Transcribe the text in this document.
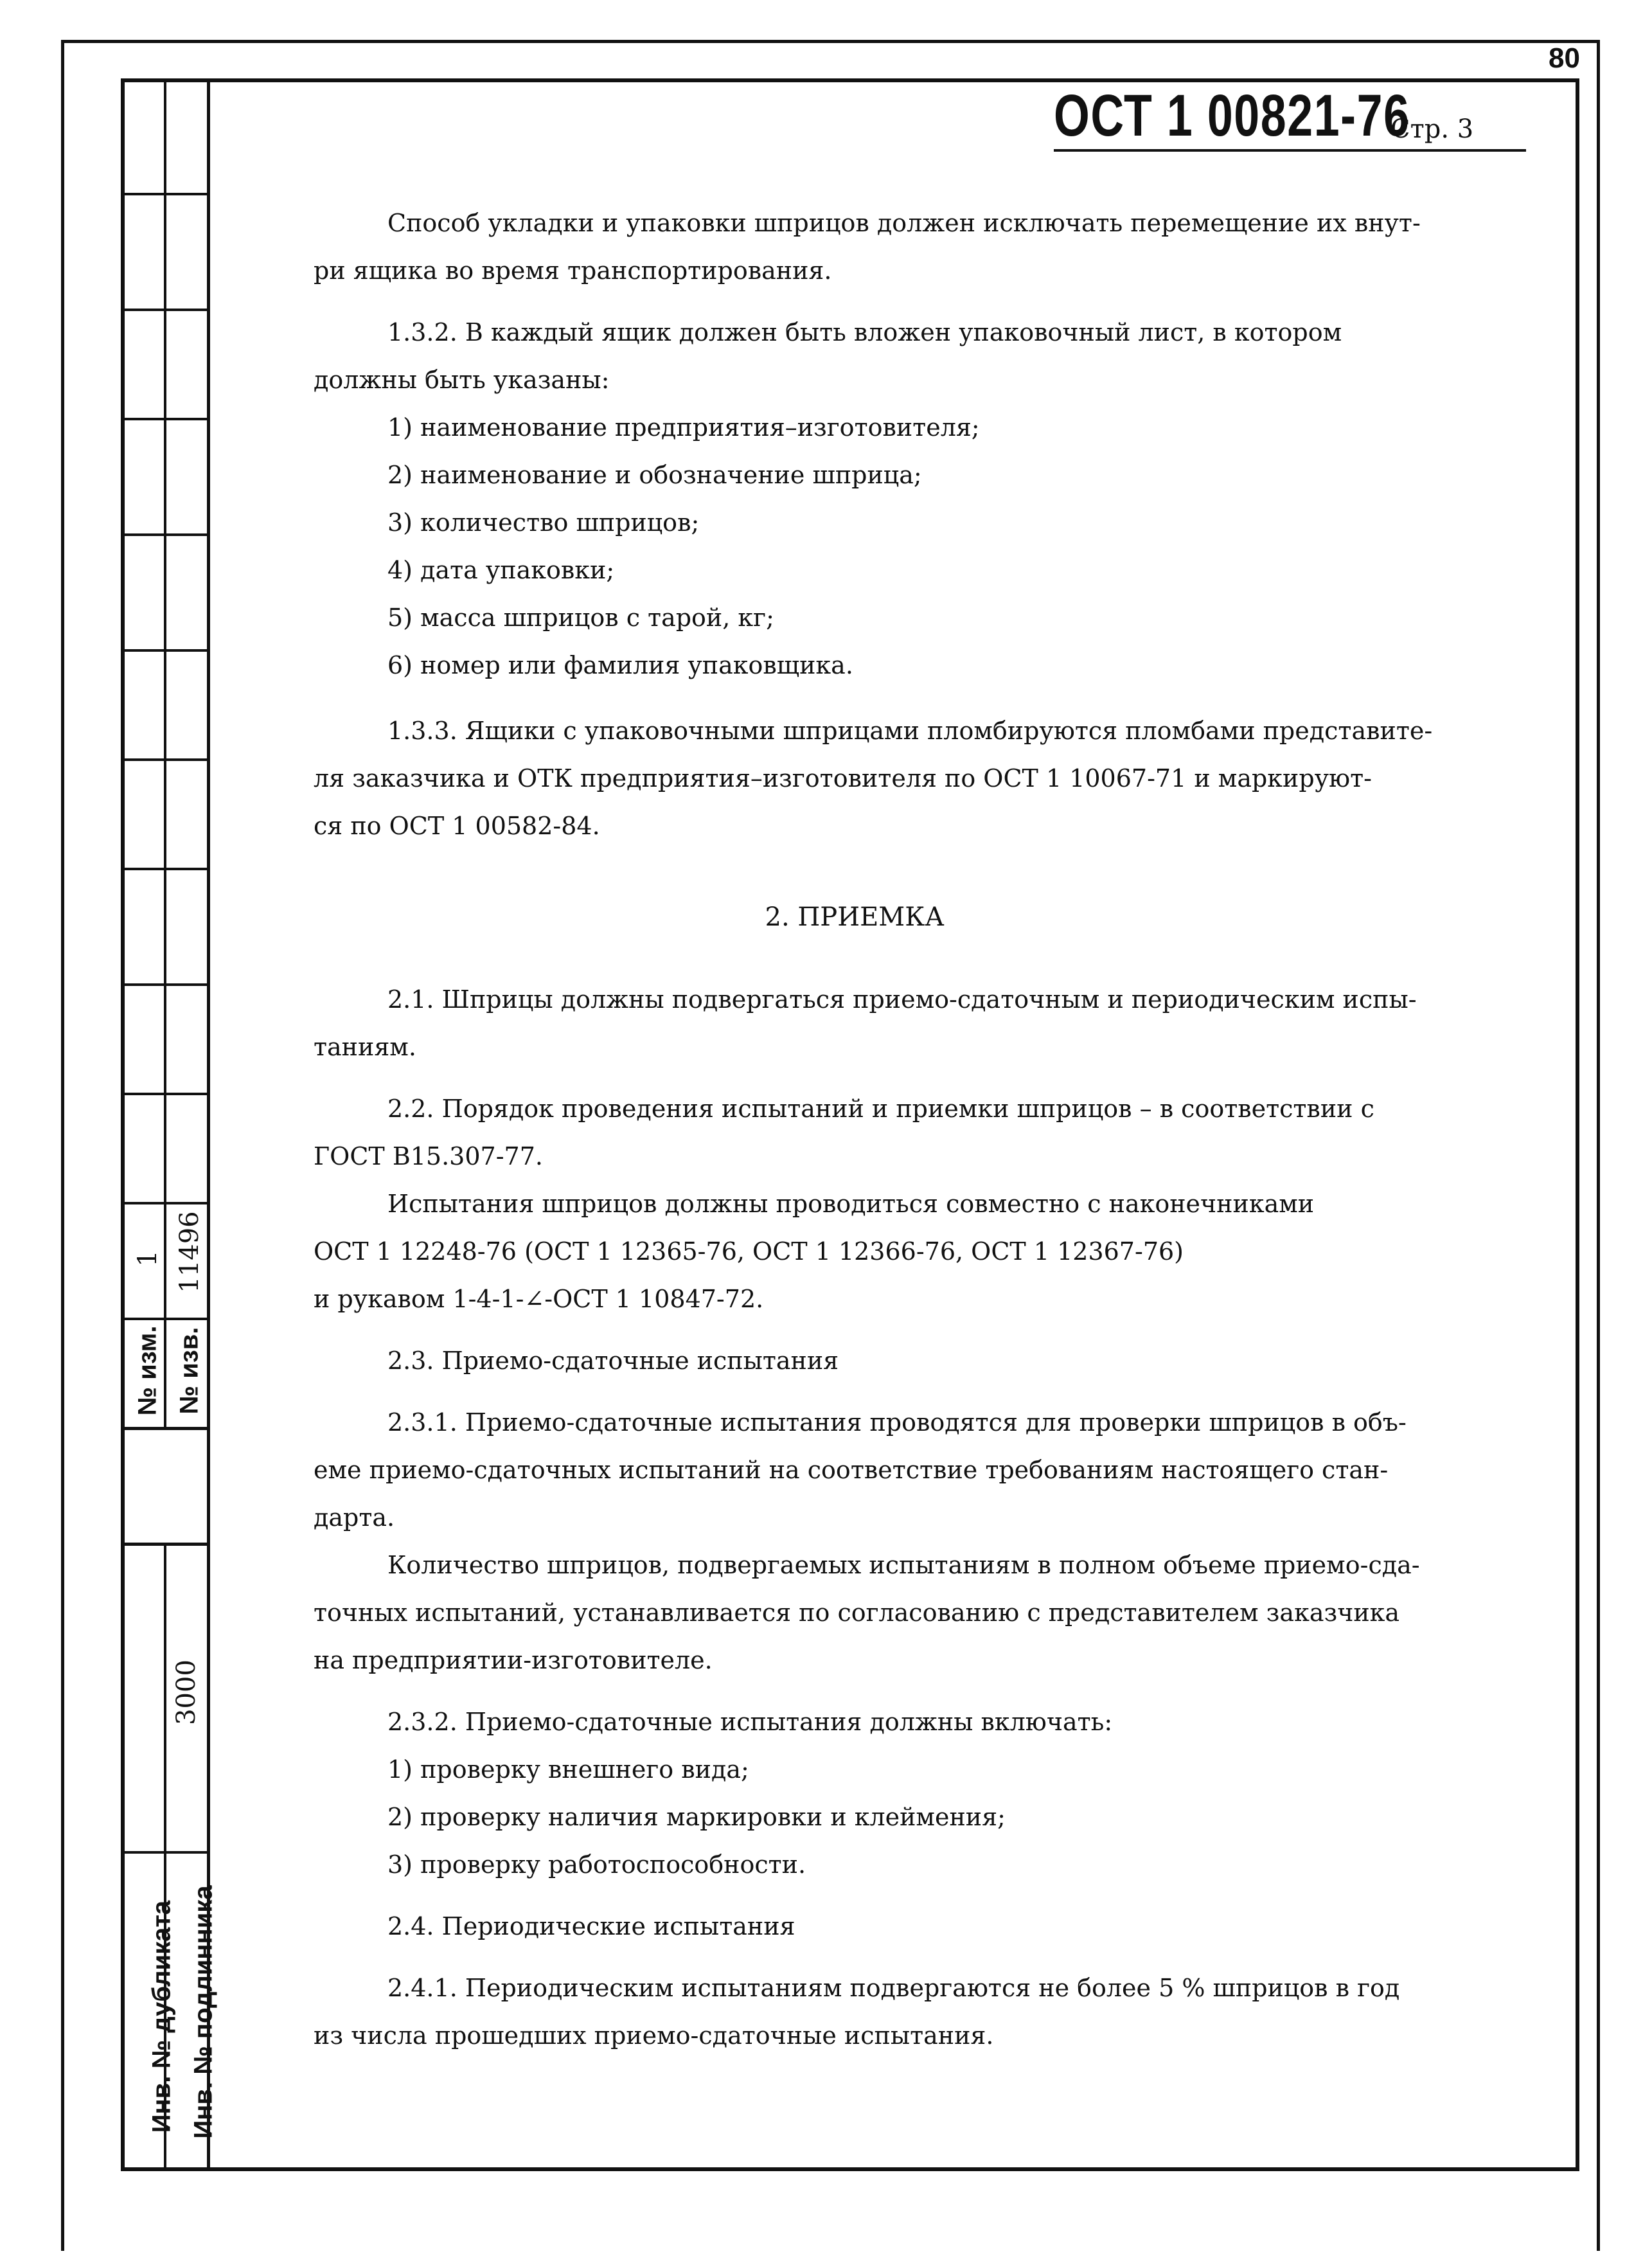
№ изм.
1
№ изв.
11496
3000
Инв. № дубликата Инв. № подлинника
80
ОСТ 1 00821-76
Стр. 3
Способ укладки и упаковки шприцов должен исключать перемещение их внут-
ри ящика во время транспортирования.
1.3.2. В каждый ящик должен быть вложен упаковочный лист, в котором
должны быть указаны:
1) наименование предприятия–изготовителя;
2) наименование и обозначение шприца;
3) количество шприцов;
4) дата упаковки;
5) масса шприцов с тарой, кг;
6) номер или фамилия упаковщика.
1.3.3. Ящики с упаковочными шприцами пломбируются пломбами представите-
ля заказчика и ОТК предприятия–изготовителя по ОСТ 1 10067-71 и маркируют-
ся по ОСТ 1 00582-84.
2. ПРИЕМКА
2.1. Шприцы должны подвергаться приемо-сдаточным и периодическим испы-
таниям.
2.2. Порядок проведения испытаний и приемки шприцов – в соответствии с
ГОСТ В15.307-77.
Испытания шприцов должны проводиться совместно с наконечниками
ОСТ 1 12248-76 (ОСТ 1 12365-76, ОСТ 1 12366-76, ОСТ 1 12367-76)
и рукавом 1-4-1-∠-ОСТ 1 10847-72.
2.3. Приемо-сдаточные испытания
2.3.1. Приемо-сдаточные испытания проводятся для проверки шприцов в объ-
еме приемо-сдаточных испытаний на соответствие требованиям настоящего стан-
дарта.
Количество шприцов, подвергаемых испытаниям в полном объеме приемо-сда-
точных испытаний, устанавливается по согласованию с представителем заказчика
на предприятии-изготовителе.
2.3.2. Приемо-сдаточные испытания должны включать:
1) проверку внешнего вида;
2) проверку наличия маркировки и клеймения;
3) проверку работоспособности.
2.4. Периодические испытания
2.4.1. Периодическим испытаниям подвергаются не более 5 % шприцов в год
из числа прошедших приемо-сдаточные испытания.
